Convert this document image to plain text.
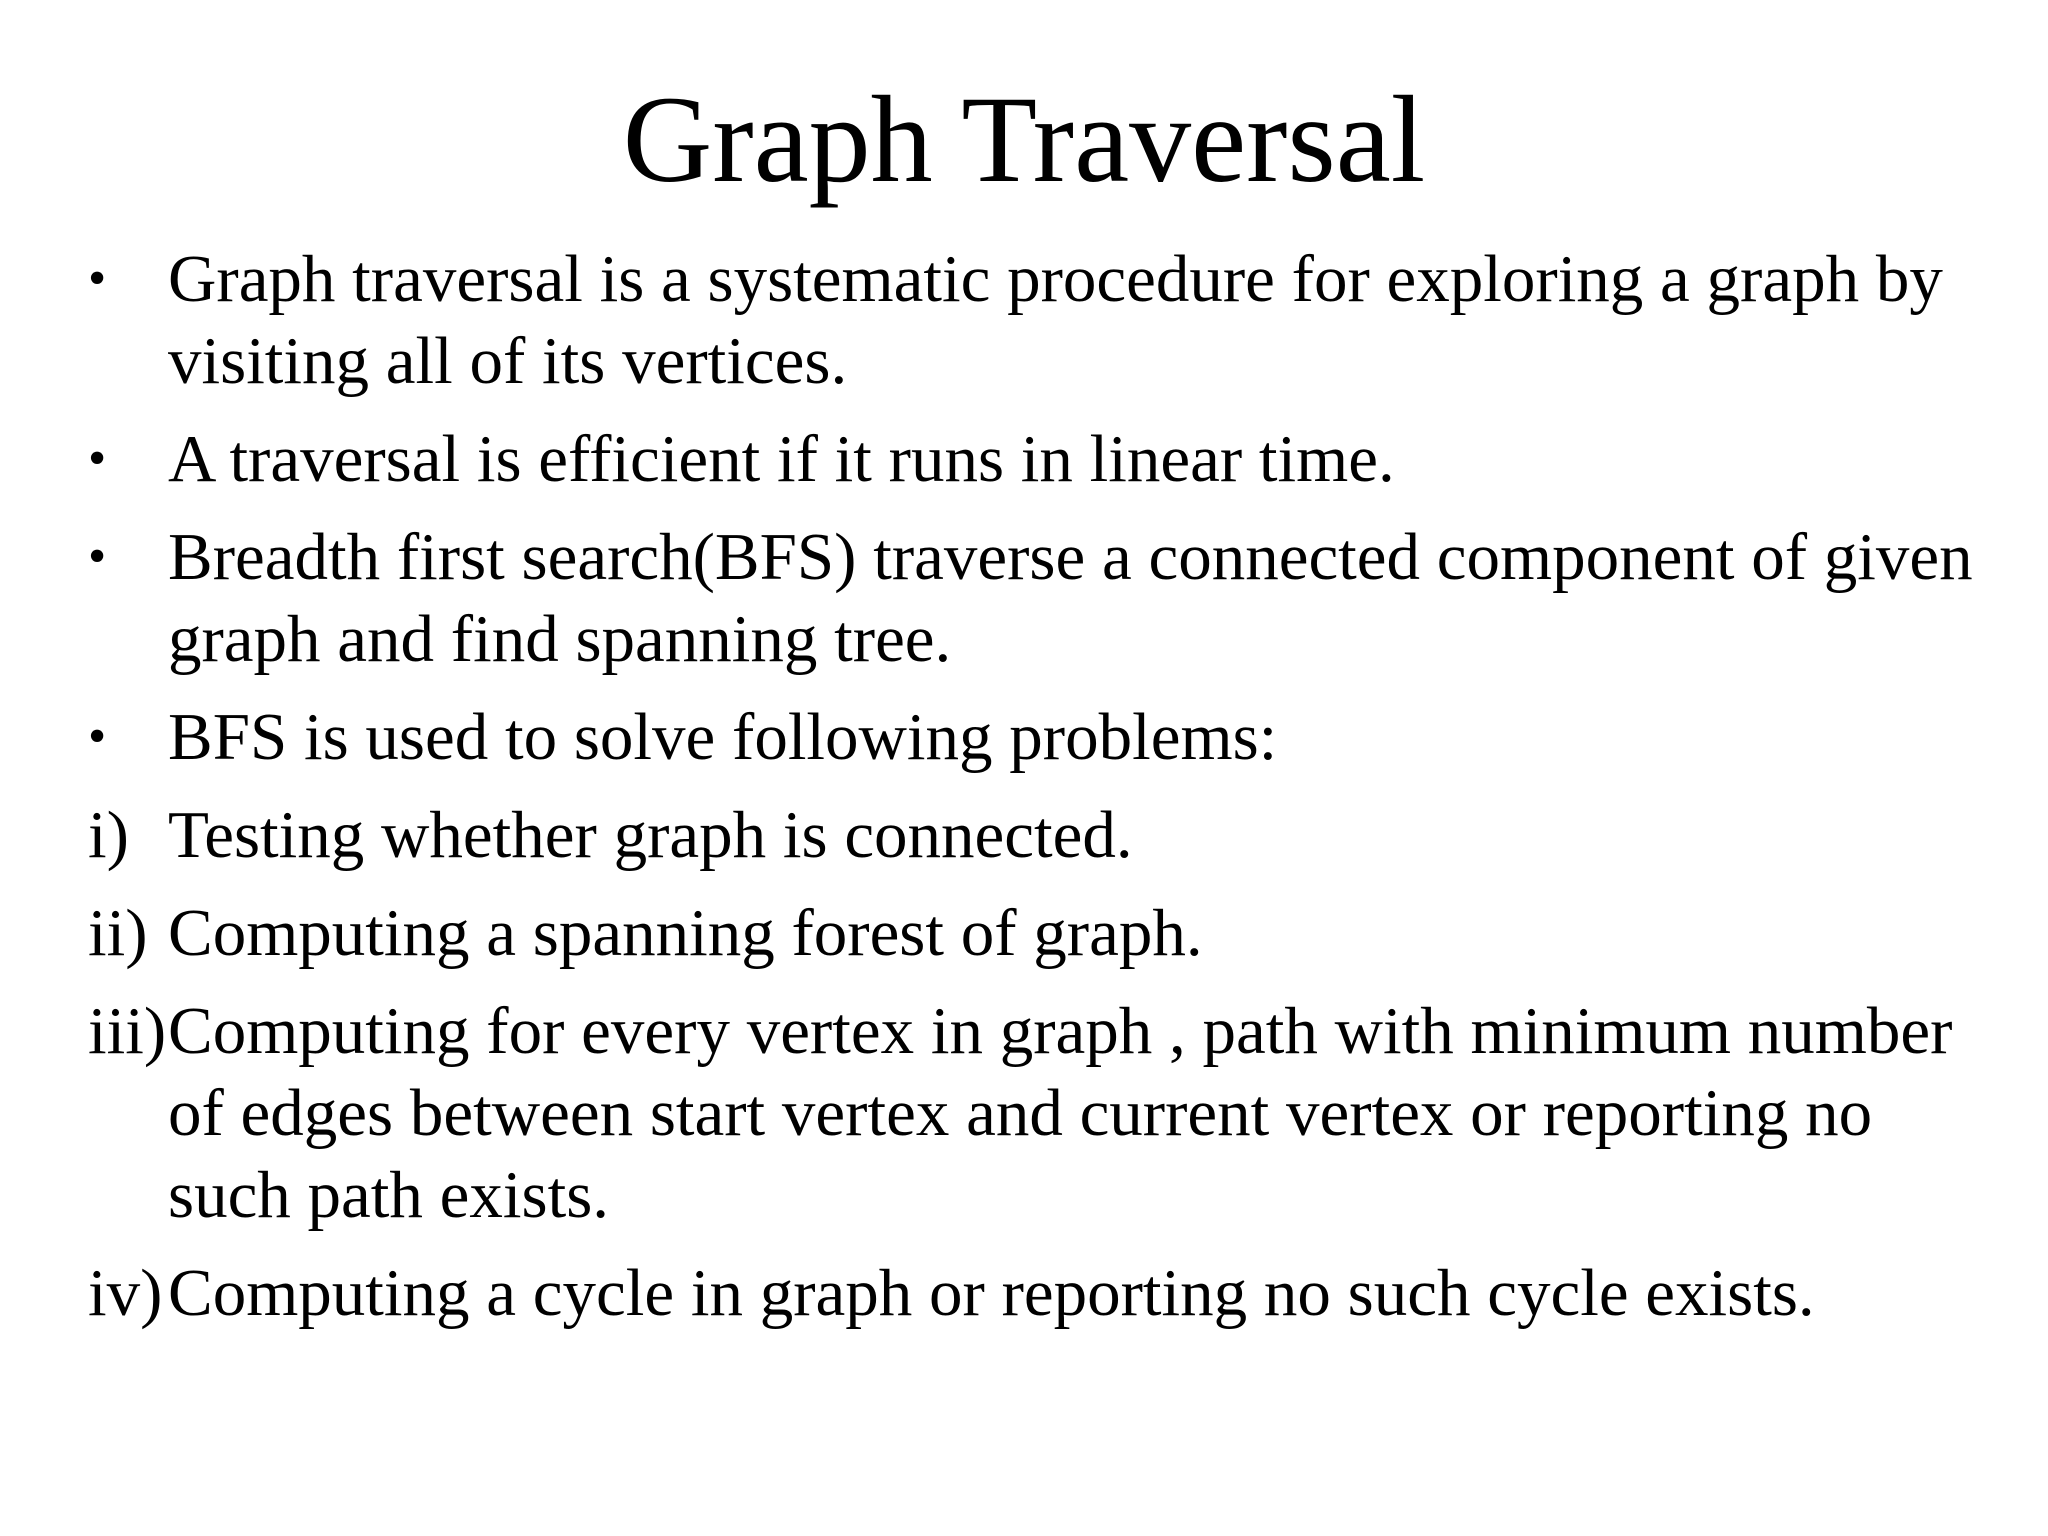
Graph Traversal
• Graph traversal is a systematic procedure for exploring a graph by visiting all of its vertices.
• A traversal is efficient if it runs in linear time.
• Breadth first search(BFS) traverse a connected component of given graph and find spanning tree.
• BFS is used to solve following problems:
i) Testing whether graph is connected.
ii) Computing a spanning forest of graph.
iii) Computing for every vertex in graph , path with minimum number of edges between start vertex and current vertex or reporting no such path exists.
iv) Computing a cycle in graph or reporting no such cycle exists.
